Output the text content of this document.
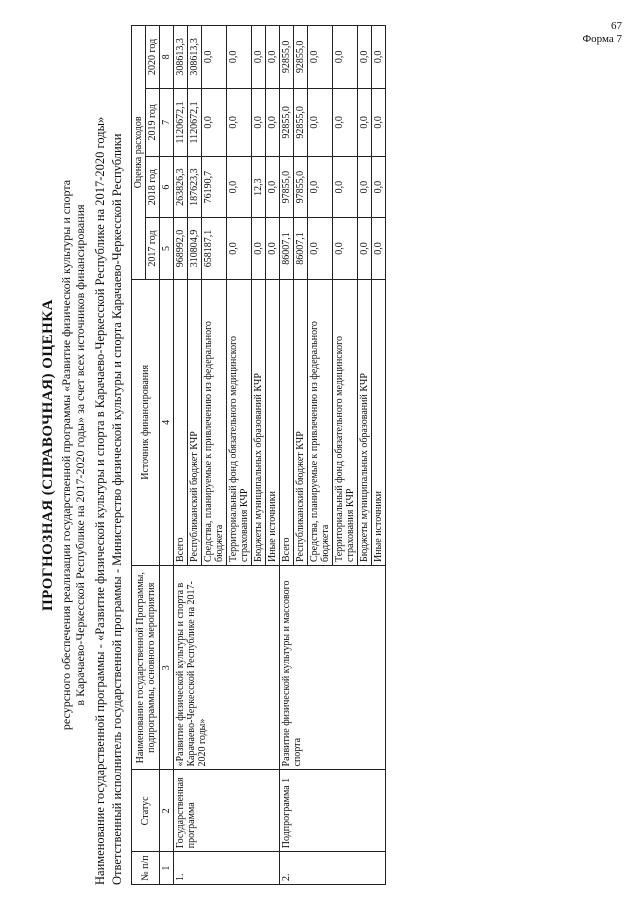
67
Форма 7
ПРОГНОЗНАЯ (СПРАВОЧНАЯ) ОЦЕНКА ресурсного обеспечения реализации государственной программы «Развитие физической культуры и спорта в Карачаево-Черкесской Республике на 2017-2020 годы» за счет всех источников финансирования Наименование государственной программы - «Развитие физической культуры и спорта в Карачаево-Черкесской Республике на 2017-2020 годы» Ответственный исполнитель государственной программы - Министерство физической культуры и спорта Карачаево-Черкесской Республики № п/п	Статус	Наименование государственной Программы, подпрограммы, основного мероприятия	Источник финансирования	Оценка расходов			
				2017 год	2018 год	2019 год	2020 год
1	2	3	4	5	6	7	8
1.	Государственная программа	«Развитие физической культуры и спорта в Карачаево-Черкесской Республике на 2017-2020 годы»	Всего	968992,0	263826,3	1120672,1	308613,3
			Республиканский бюджет КЧР	310804,9	187623,3	1120672,1	308613,3
			Средства, планируемые к привлечению из федерального бюджета	658187,1	76190,7	0,0	0,0
			Территориальный фонд обязательного медицинского страхования КЧР	0,0	0,0	0,0	0,0
			Бюджеты муниципальных образований КЧР	0,0	12,3	0,0	0,0
			Иные источники	0,0	0,0	0,0	0,0
2.	Подпрограмма 1	Развитие физической культуры и массового спорта	Всего	86007,1	97855,0	92855,0	92855,0
			Республиканский бюджет КЧР	86007,1	97855,0	92855,0	92855,0
			Средства, планируемые к привлечению из федерального бюджета	0,0	0,0	0,0	0,0
			Территориальный фонд обязательного медицинского страхования КЧР	0,0	0,0	0,0	0,0
			Бюджеты муниципальных образований КЧР	0,0	0,0	0,0	0,0
			Иные источники	0,0	0,0	0,0	0,0
